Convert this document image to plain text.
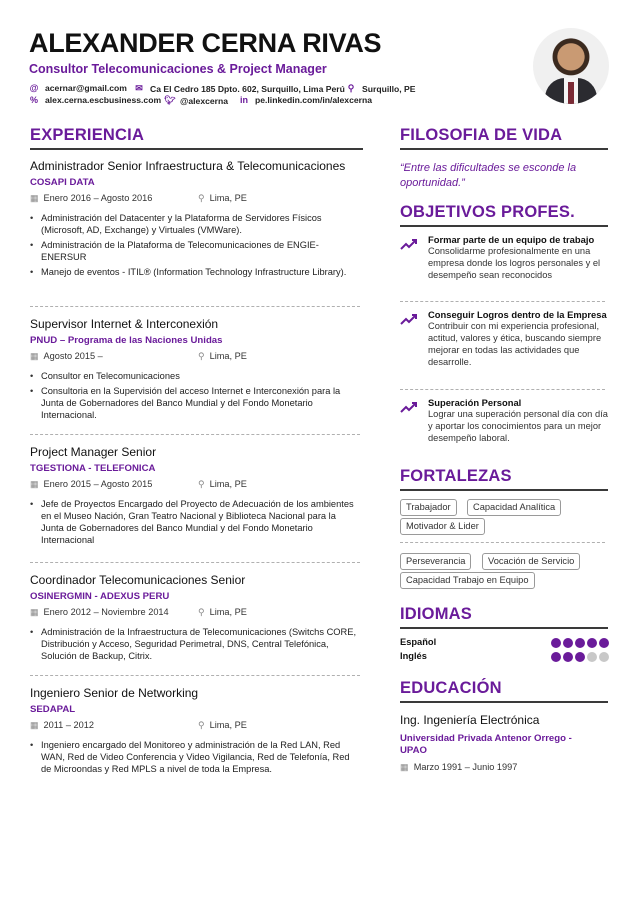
ALEXANDER CERNA RIVAS
Consultor Telecomunicaciones & Project Manager
@ acernar@gmail.com ✉ Ca El Cedro 185 Dpto. 602, Surquillo, Lima Perú ⚲ Surquillo, PE
% alex.cerna.escbusiness.com 🐦︎ @alexcerna in pe.linkedin.com/in/alexcerna
EXPERIENCIA
Administrador Senior Infraestructura & Telecomunicaciones
COSAPI DATA
▦ Enero 2016 – Agosto 2016	⚲ Lima, PE
• Administración del Datacenter y la Plataforma de Servidores Físicos (Microsoft, AD, Exchange) y Virtuales (VMWare).
• Administración de la Plataforma de Telecomunicaciones de ENGIE-ENERSUR
• Manejo de eventos - ITIL® (Information Technology Infrastructure Library).
Supervisor Internet & Interconexión
PNUD – Programa de las Naciones Unidas
▦ Agosto 2015 –	⚲ Lima, PE
• Consultor en Telecomunicaciones
• Consultoria en la Supervisión del acceso Internet e Interconexión para la Junta de Gobernadores del Banco Mundial y del Fondo Monetario Internacional.
Project Manager Senior
TGESTIONA - TELEFONICA
▦ Enero 2015 – Agosto 2015	⚲ Lima, PE
• Jefe de Proyectos Encargado del Proyecto de Adecuación de los ambientes en el Museo Nación, Gran Teatro Nacional y Biblioteca Nacional para la Junta de Gobernadores del Banco Mundial y del Fondo Monetario Internacional
Coordinador Telecomunicaciones Senior
OSINERGMIN - ADEXUS PERU
▦ Enero 2012 – Noviembre 2014	⚲ Lima, PE
• Administración de la Infraestructura de Telecomunicaciones (Switchs CORE, Distribución y Acceso, Seguridad Perimetral, DNS, Central Telefónica, Solución de Backup, Citrix.
Ingeniero Senior de Networking
SEDAPAL
▦ 2011 – 2012	⚲ Lima, PE
• Ingeniero encargado del Monitoreo y administración de la Red LAN, Red WAN, Red de Video Conferencia y Video Vigilancia, Red de Telefonía, Red de Microondas y Red MPLS a nivel de toda la Empresa.
FILOSOFIA DE VIDA
“Entre las dificultades se esconde la oportunidad.”
OBJETIVOS PROFES.
Formar parte de un equipo de trabajo
Consolidarme profesionalmente en una empresa donde los logros personales y el desempeño sean reconocidos
Conseguir Logros dentro de la Empresa
Contribuir con mi experiencia profesional, actitud, valores y ética, buscando siempre mejorar en todas las actividades que desarrolle.
Superación Personal
Lograr una superación personal día con día y aportar los conocimientos para un mejor desempeño laboral.
FORTALEZAS
Trabajador	Capacidad Analítica
Motivador & Lider
Perseverancia	Vocación de Servicio
Capacidad Trabajo en Equipo
IDIOMAS
Español
Inglés
EDUCACIÓN
Ing. Ingeniería Electrónica
Universidad Privada Antenor Orrego - UPAO
▦ Marzo 1991 – Junio 1997
